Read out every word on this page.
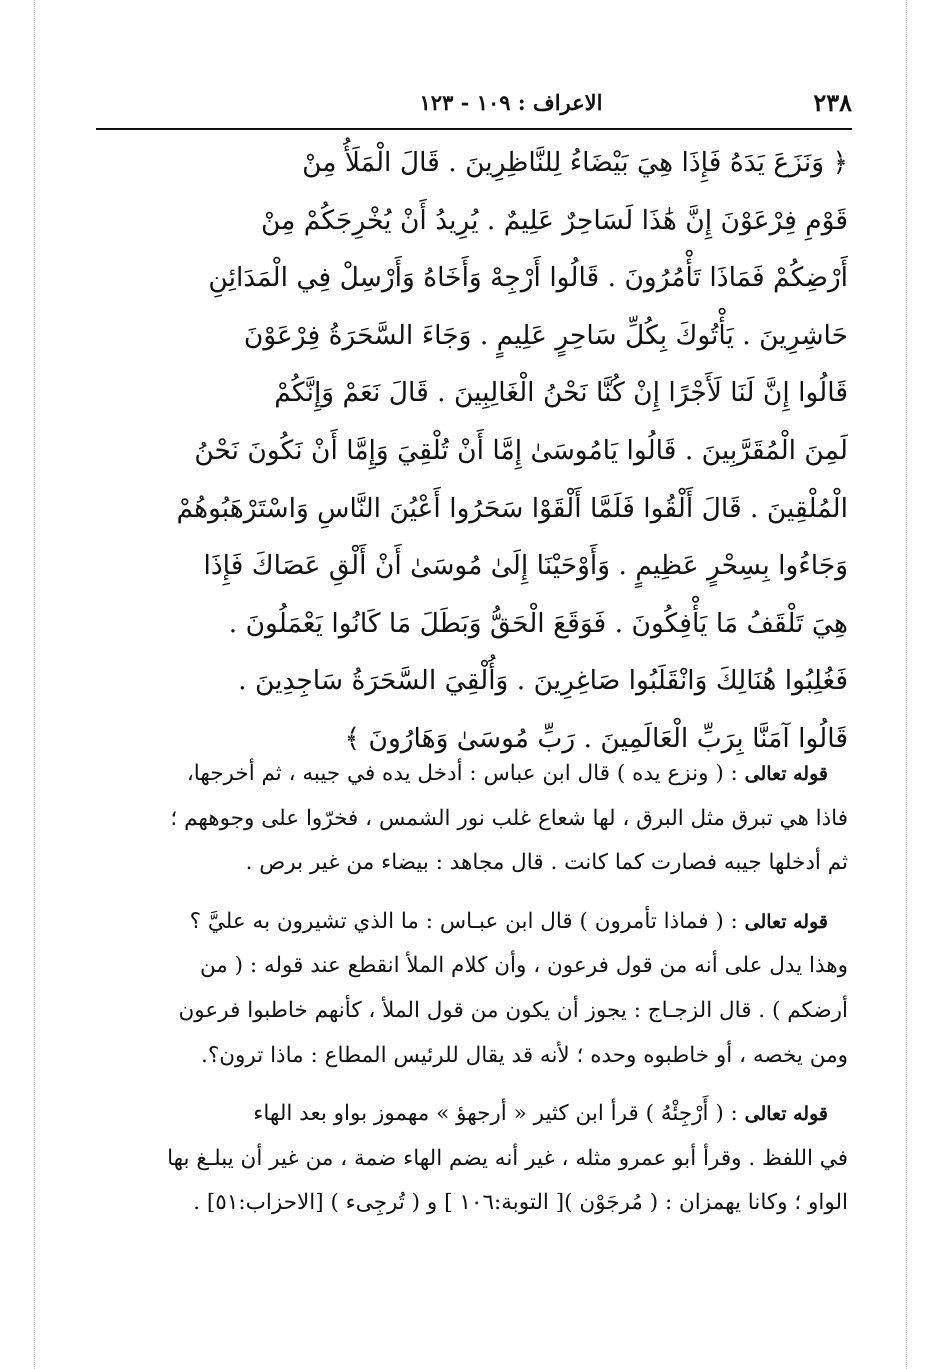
٢٣٨
الاعراف : ١٠٩ - ١٢٣
﴿ وَنَزَعَ يَدَهُ فَإِذَا هِيَ بَيْضَاءُ لِلنَّاظِرِينَ . قَالَ الْمَلَأُ مِنْ
قَوْمِ فِرْعَوْنَ إِنَّ هَٰذَا لَسَاحِرٌ عَلِيمٌ . يُرِيدُ أَنْ يُخْرِجَكُمْ مِنْ
أَرْضِكُمْ فَمَاذَا تَأْمُرُونَ . قَالُوا أَرْجِهْ وَأَخَاهُ وَأَرْسِلْ فِي الْمَدَائِنِ
حَاشِرِينَ . يَأْتُوكَ بِكُلِّ سَاحِرٍ عَلِيمٍ . وَجَاءَ السَّحَرَةُ فِرْعَوْنَ
قَالُوا إِنَّ لَنَا لَأَجْرًا إِنْ كُنَّا نَحْنُ الْغَالِبِينَ . قَالَ نَعَمْ وَإِنَّكُمْ
لَمِنَ الْمُقَرَّبِينَ . قَالُوا يَامُوسَىٰ إِمَّا أَنْ تُلْقِيَ وَإِمَّا أَنْ نَكُونَ نَحْنُ
الْمُلْقِينَ . قَالَ أَلْقُوا فَلَمَّا أَلْقَوْا سَحَرُوا أَعْيُنَ النَّاسِ وَاسْتَرْهَبُوهُمْ
وَجَاءُوا بِسِحْرٍ عَظِيمٍ . وَأَوْحَيْنَا إِلَىٰ مُوسَىٰ أَنْ أَلْقِ عَصَاكَ فَإِذَا
هِيَ تَلْقَفُ مَا يَأْفِكُونَ . فَوَقَعَ الْحَقُّ وَبَطَلَ مَا كَانُوا يَعْمَلُونَ .
فَغُلِبُوا هُنَالِكَ وَانْقَلَبُوا صَاغِرِينَ . وَأُلْقِيَ السَّحَرَةُ سَاجِدِينَ .
قَالُوا آمَنَّا بِرَبِّ الْعَالَمِينَ . رَبِّ مُوسَىٰ وَهَارُونَ ﴾
قوله تعالى : ( ونزع يده ) قال ابن عباس : أدخل يده في جيبه ، ثم أخرجها،
فاذا هي تبرق مثل البرق ، لها شعاع غلب نور الشمس ، فخرّوا على وجوههم ؛
ثم أدخلها جيبه فصارت كما كانت . قال مجاهد : بيضاء من غير برص .
قوله تعالى : ( فماذا تأمرون ) قال ابن عبـاس : ما الذي تشيرون به عليَّ ؟
وهذا يدل على أنه من قول فرعون ، وأن كلام الملأ انقطع عند قوله : ( من
أرضكم ) . قال الزجـاج : يجوز أن يكون من قول الملأ ، كأنهم خاطبوا فرعون
ومن يخصه ، أو خاطبوه وحده ؛ لأنه قد يقال للرئيس المطاع : ماذا ترون؟.
قوله تعالى : ( أَرْجِئْهُ ) قرأ ابن كثير « أرجهؤ » مهموز بواو بعد الهاء
في اللفظ . وقرأ أبو عمرو مثله ، غير أنه يضم الهاء ضمة ، من غير أن يبلـغ بها
الواو ؛ وكانا يهمزان : ( مُرجَوْن )[ التوبة:١٠٦ ] و ( تُرجِىء ) [الاحزاب:٥١] .
